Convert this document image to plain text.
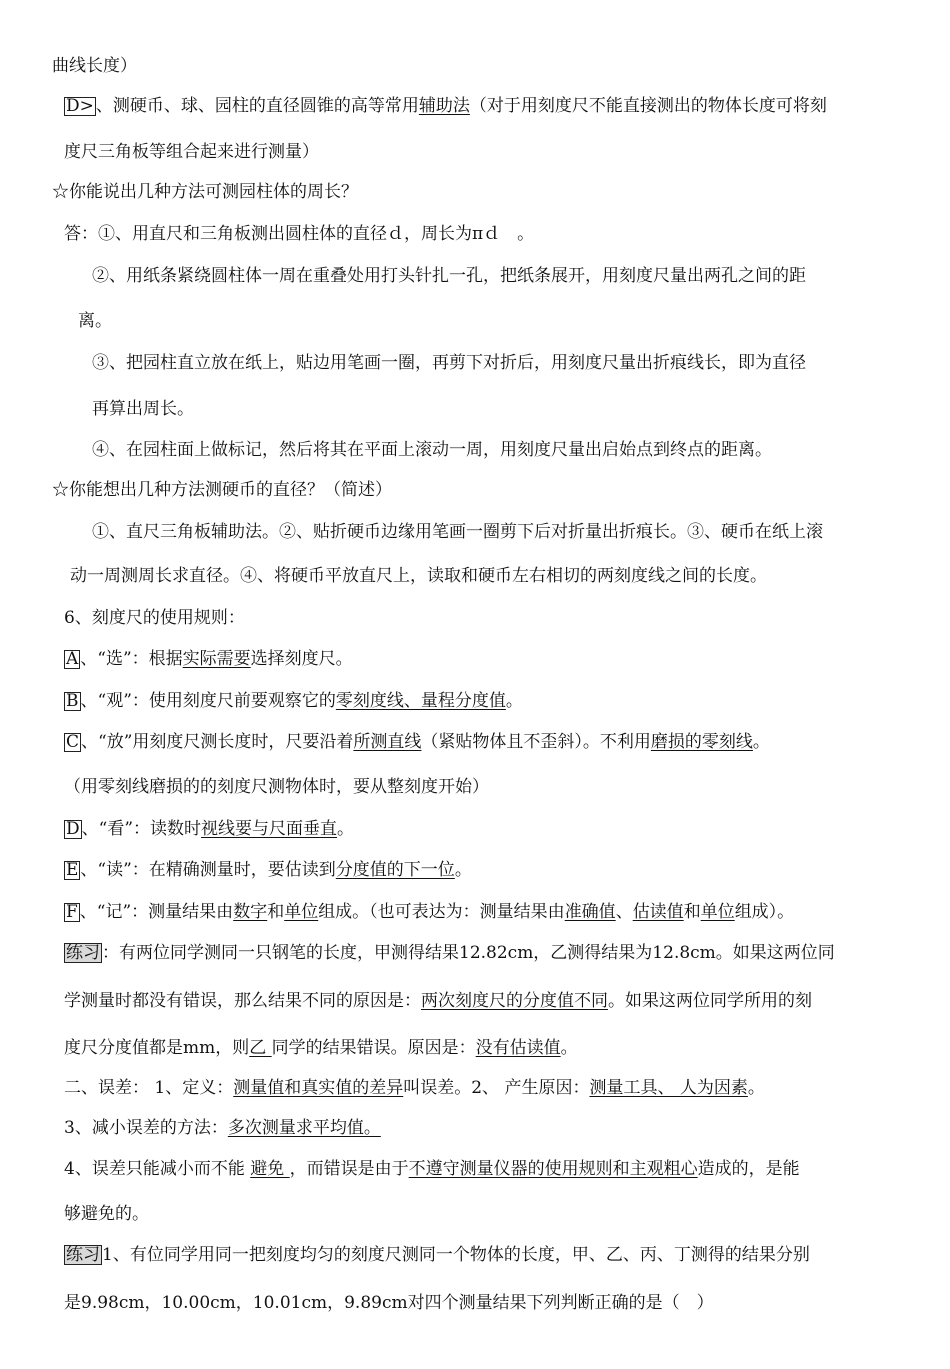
曲线长度）
D> 、测硬币、球、园柱的直径圆锥的高等常用辅助法（对于用刻度尺不能直接测出的物体长度可将刻
度尺三角板等组合起来进行测量）
☆你能说出几种方法可测园柱体的周长？
答：①、用直尺和三角板测出圆柱体的直径ｄ，周长为πｄ　。
②、用纸条紧绕圆柱体一周在重叠处用打头针扎一孔，把纸条展开，用刻度尺量出两孔之间的距
离。
③、把园柱直立放在纸上，贴边用笔画一圈，再剪下对折后，用刻度尺量出折痕线长，即为直径
再算出周长。
④、在园柱面上做标记，然后将其在平面上滚动一周，用刻度尺量出启始点到终点的距离。
☆你能想出几种方法测硬币的直径？（简述）
①、直尺三角板辅助法。②、贴折硬币边缘用笔画一圈剪下后对折量出折痕长。③、硬币在纸上滚
动一周测周长求直径。④、将硬币平放直尺上，读取和硬币左右相切的两刻度线之间的长度。
6、刻度尺的使用规则：
A 、“选”：根据实际需要选择刻度尺。
B 、“观”：使用刻度尺前要观察它的零刻度线、量程分度值。
C 、“放”用刻度尺测长度时，尺要沿着所测直线（紧贴物体且不歪斜）。不利用磨损的零刻线。
（用零刻线磨损的的刻度尺测物体时，要从整刻度开始）
D 、“看”：读数时视线要与尺面垂直。
E 、“读”：在精确测量时，要估读到分度值的下一位。
F 、“记”：测量结果由数字和单位组成。（也可表达为：测量结果由准确值、估读值和单位组成）。
练习 ：有两位同学测同一只钢笔的长度，甲测得结果12.82cm，乙测得结果为12.8cm。如果这两位同
学测量时都没有错误，那么结果不同的原因是：两次刻度尺的分度值不同。如果这两位同学所用的刻
度尺分度值都是mm，则乙 同学的结果错误。原因是：没有估读值。
二、误差： 1、定义：测量值和真实值的差异叫误差。2、 产生原因：测量工具、 人为因素。
3、减小误差的方法：多次测量求平均值。
4、误差只能减小而不能 避免 ，而错误是由于不遵守测量仪器的使用规则和主观粗心造成的，是能
够避免的。
练习 1、有位同学用同一把刻度均匀的刻度尺测同一个物体的长度，甲、乙、丙、丁测得的结果分别
是9.98cm，10.00cm，10.01cm，9.89cm对四个测量结果下列判断正确的是（　）
